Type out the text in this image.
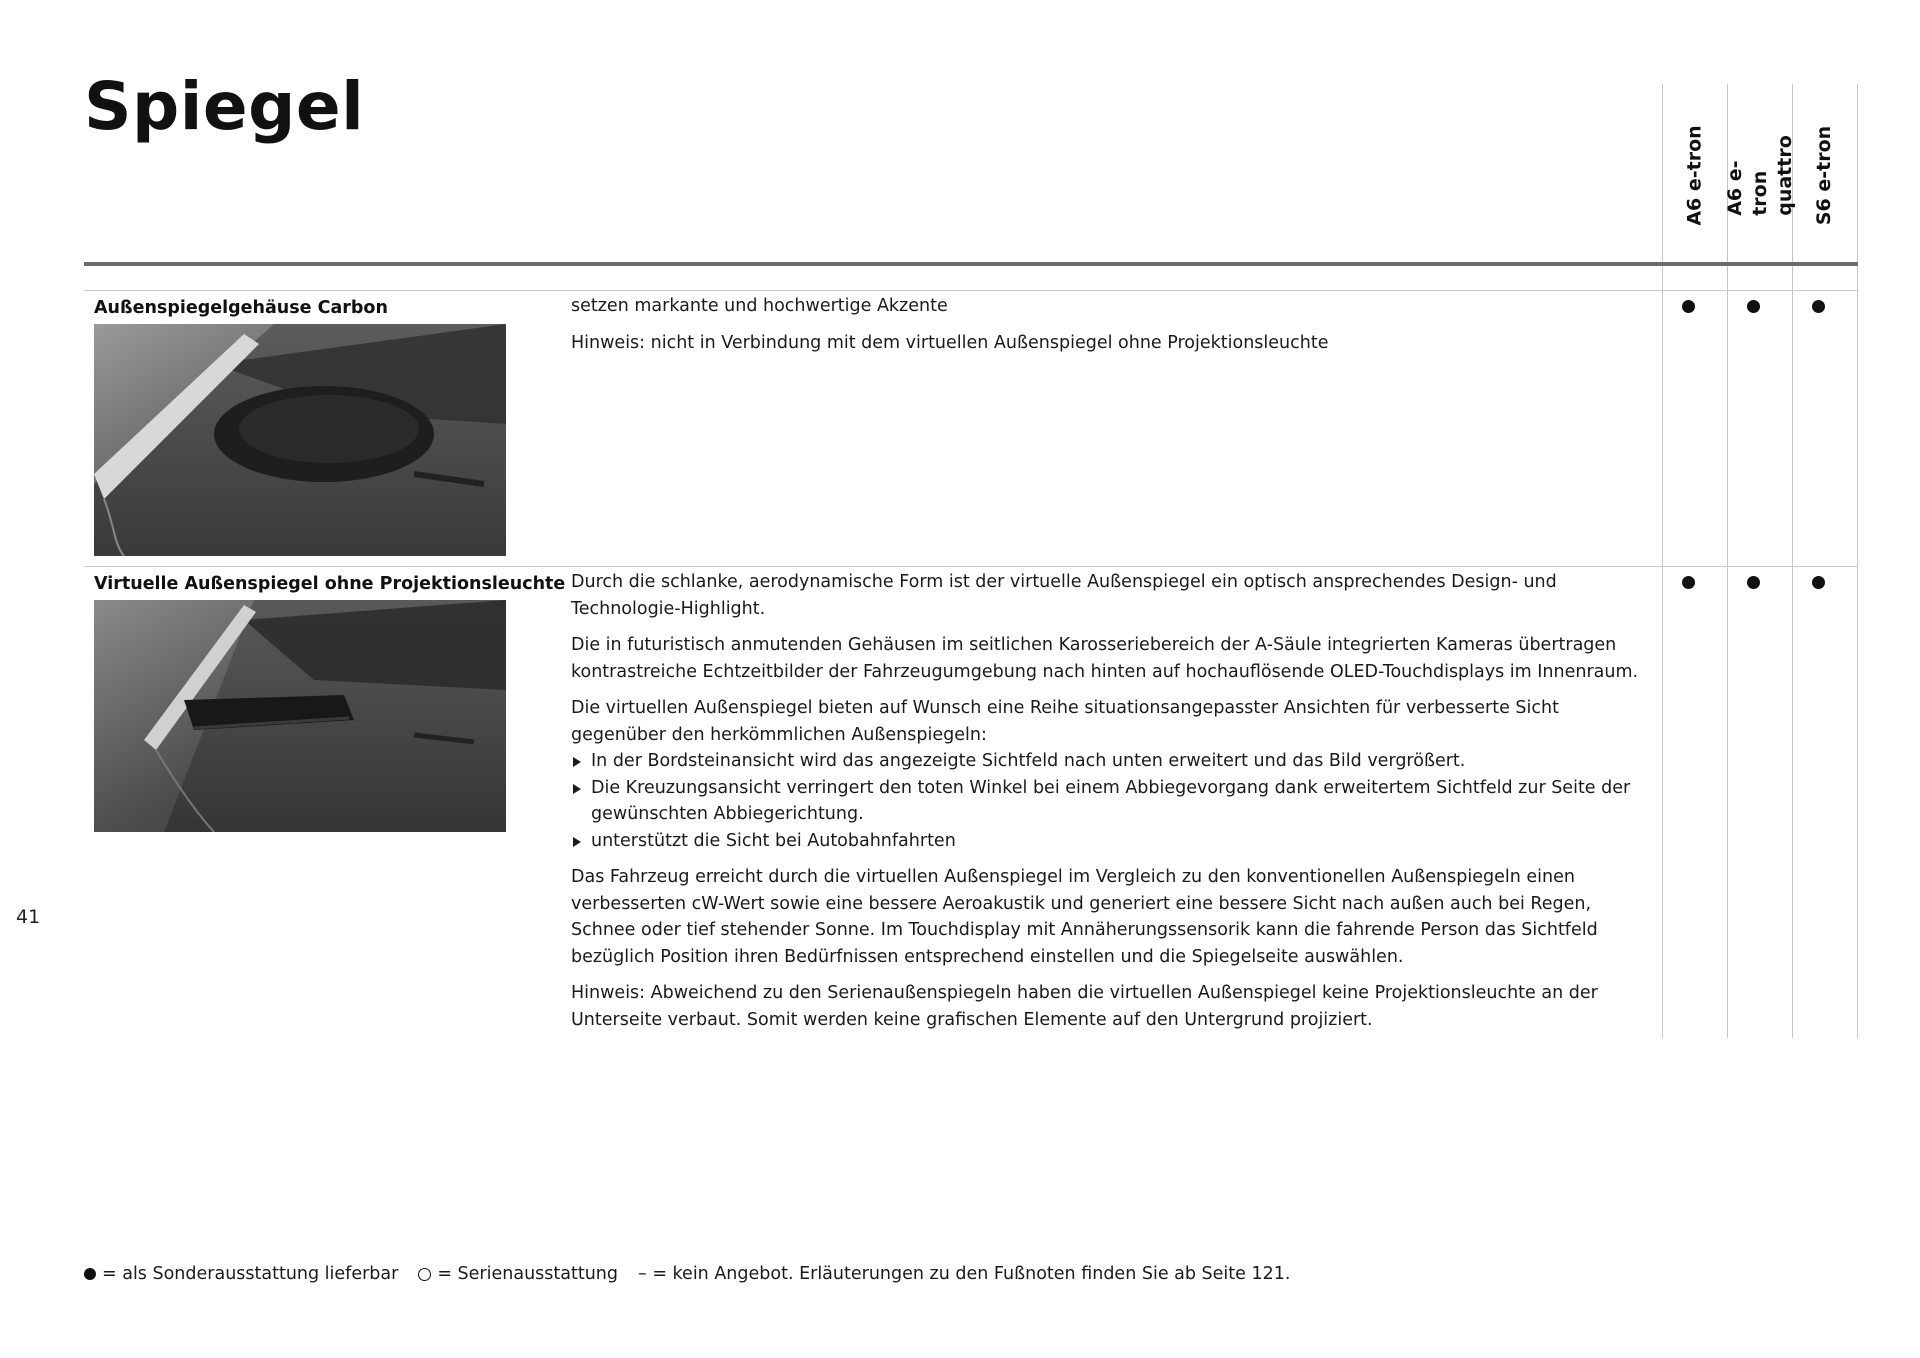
Spiegel
A6 e-tron A6 e-tron quattro S6 e-tron
Außenspiegelgehäuse Carbon	setzen markante und hochwertige Akzente

Hinweis: nicht in Verbindung mit dem virtuellen Außenspiegel ohne Projektionsleuchte

Virtuelle Außenspiegel ohne Projektionsleuchte Durch die schlanke, aerodynamische Form ist der virtuelle Außenspiegel ein optisch ansprechendes Design- und Technologie-Highlight.

Die in futuristisch anmutenden Gehäusen im seitlichen Karosseriebereich der A-Säule integrierten Kameras übertragen kontrastreiche Echtzeitbilder der Fahrzeugumgebung nach hinten auf hochauflösende OLED-Touchdisplays im Innenraum.

Die virtuellen Außenspiegel bieten auf Wunsch eine Reihe situationsangepasster Ansichten für verbesserte Sicht gegenüber den herkömmlichen Außenspiegeln:

In der Bordsteinansicht wird das angezeigte Sichtfeld nach unten erweitert und das Bild vergrößert.
Die Kreuzungsansicht verringert den toten Winkel bei einem Abbiegevorgang dank erweitertem Sichtfeld zur Seite der gewünschten Abbiegerichtung.
unterstützt die Sicht bei Autobahnfahrten

Das Fahrzeug erreicht durch die virtuellen Außenspiegel im Vergleich zu den konventionellen Außenspiegeln einen verbesserten cW-Wert sowie eine bessere Aeroakustik und generiert eine bessere Sicht nach außen auch bei Regen, Schnee oder tief stehender Sonne. Im Touchdisplay mit Annäherungssensorik kann die fahrende Person das Sichtfeld bezüglich Position ihren Bedürfnissen entsprechend einstellen und die Spiegelseite auswählen.

Hinweis: Abweichend zu den Serienaußenspiegeln haben die virtuellen Außenspiegel keine Projektionsleuchte an der Unterseite verbaut. Somit werden keine grafischen Elemente auf den Untergrund projiziert.

41
= als Sonderausstattung lieferbar = Serienausstattung – = kein Angebot. Erläuterungen zu den Fußnoten finden Sie ab Seite 121.
